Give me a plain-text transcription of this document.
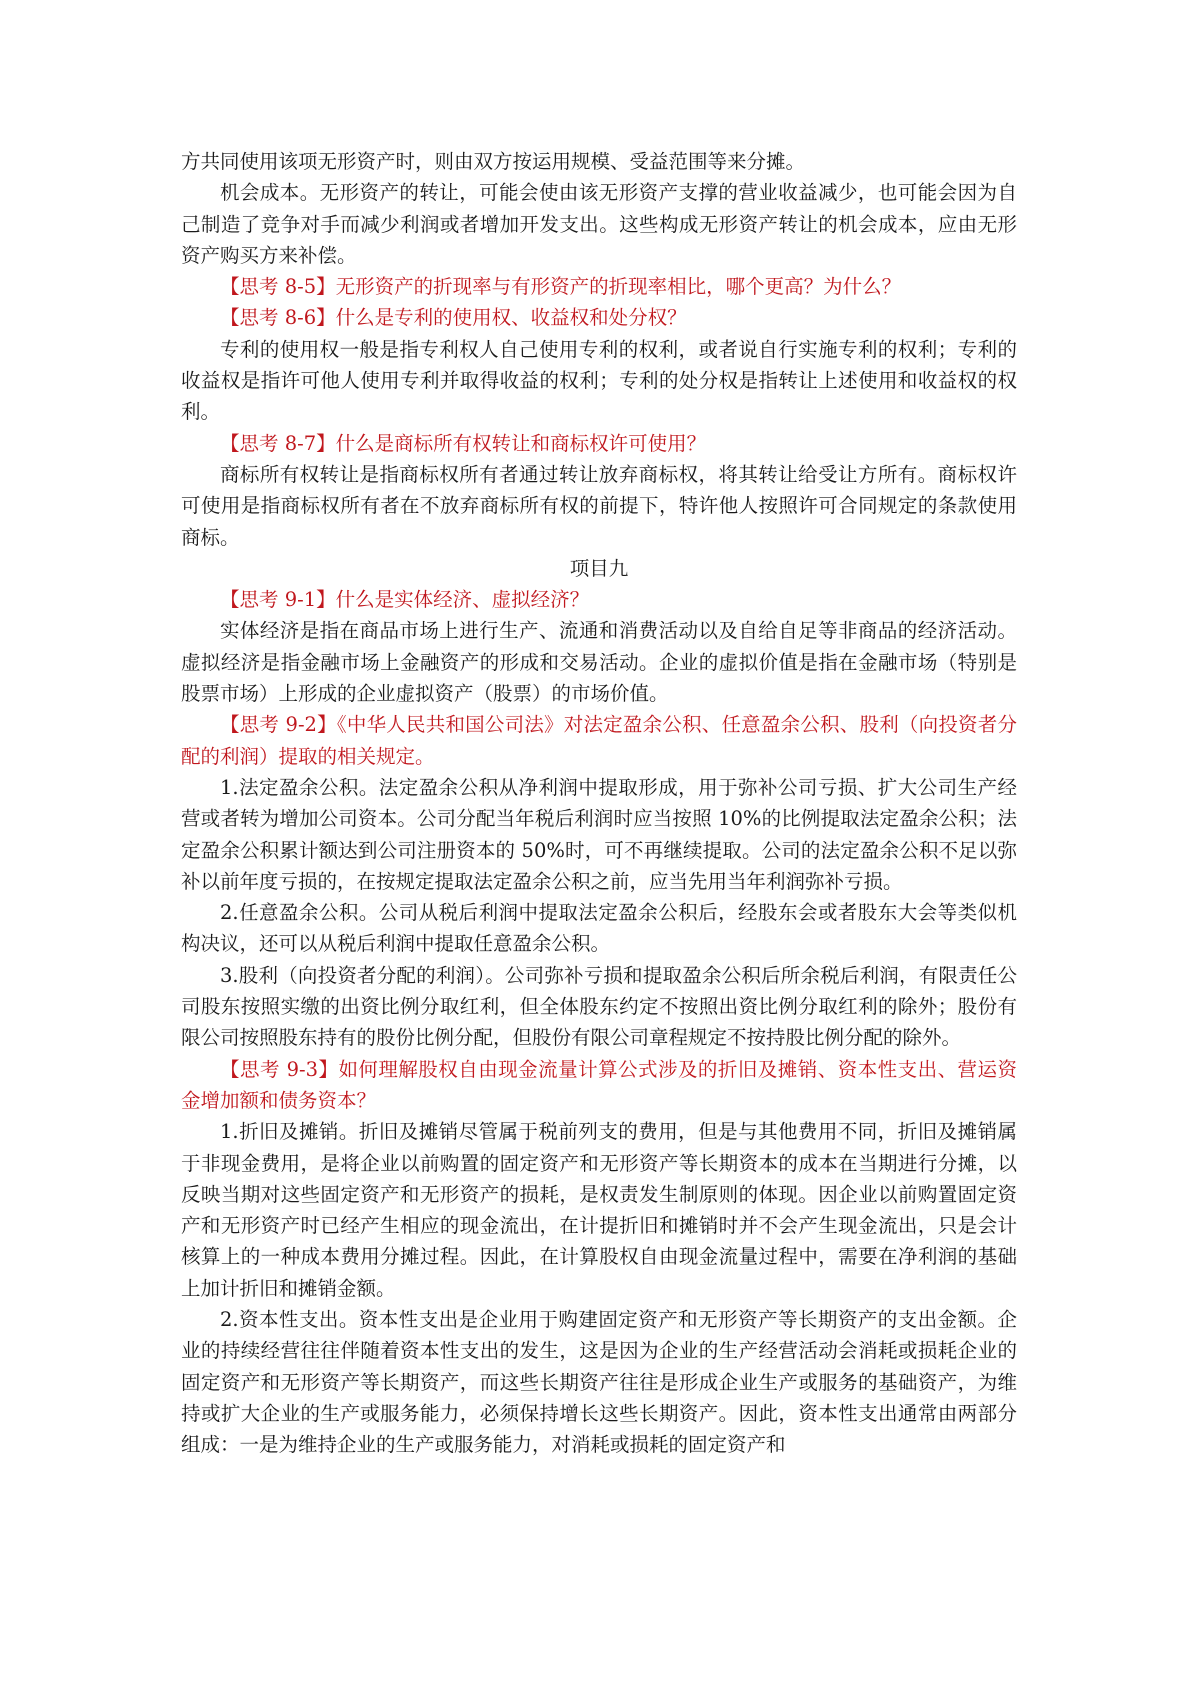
方共同使用该项无形资产时，则由双方按运用规模、受益范围等来分摊。

机会成本。无形资产的转让，可能会使由该无形资产支撑的营业收益减少，也可能会因为自己制造了竞争对手而减少利润或者增加开发支出。这些构成无形资产转让的机会成本，应由无形资产购买方来补偿。

【思考 8-5】无形资产的折现率与有形资产的折现率相比，哪个更高？为什么？

【思考 8-6】什么是专利的使用权、收益权和处分权？

专利的使用权一般是指专利权人自己使用专利的权利，或者说自行实施专利的权利；专利的收益权是指许可他人使用专利并取得收益的权利；专利的处分权是指转让上述使用和收益权的权利。

【思考 8-7】什么是商标所有权转让和商标权许可使用？

商标所有权转让是指商标权所有者通过转让放弃商标权，将其转让给受让方所有。商标权许可使用是指商标权所有者在不放弃商标所有权的前提下，特许他人按照许可合同规定的条款使用商标。

项目九

【思考 9-1】什么是实体经济、虚拟经济？

实体经济是指在商品市场上进行生产、流通和消费活动以及自给自足等非商品的经济活动。虚拟经济是指金融市场上金融资产的形成和交易活动。企业的虚拟价值是指在金融市场（特别是股票市场）上形成的企业虚拟资产（股票）的市场价值。

【思考 9-2】《中华人民共和国公司法》对法定盈余公积、任意盈余公积、股利（向投资者分配的利润）提取的相关规定。

1.法定盈余公积。法定盈余公积从净利润中提取形成，用于弥补公司亏损、扩大公司生产经营或者转为增加公司资本。公司分配当年税后利润时应当按照 10%的比例提取法定盈余公积；法定盈余公积累计额达到公司注册资本的 50%时，可不再继续提取。公司的法定盈余公积不足以弥补以前年度亏损的，在按规定提取法定盈余公积之前，应当先用当年利润弥补亏损。

2.任意盈余公积。公司从税后利润中提取法定盈余公积后，经股东会或者股东大会等类似机构决议，还可以从税后利润中提取任意盈余公积。

3.股利（向投资者分配的利润）。公司弥补亏损和提取盈余公积后所余税后利润，有限责任公司股东按照实缴的出资比例分取红利，但全体股东约定不按照出资比例分取红利的除外；股份有限公司按照股东持有的股份比例分配，但股份有限公司章程规定不按持股比例分配的除外。

【思考 9-3】如何理解股权自由现金流量计算公式涉及的折旧及摊销、资本性支出、营运资金增加额和债务资本？

1.折旧及摊销。折旧及摊销尽管属于税前列支的费用，但是与其他费用不同，折旧及摊销属于非现金费用，是将企业以前购置的固定资产和无形资产等长期资本的成本在当期进行分摊，以反映当期对这些固定资产和无形资产的损耗，是权责发生制原则的体现。因企业以前购置固定资产和无形资产时已经产生相应的现金流出，在计提折旧和摊销时并不会产生现金流出，只是会计核算上的一种成本费用分摊过程。因此，在计算股权自由现金流量过程中，需要在净利润的基础上加计折旧和摊销金额。

2.资本性支出。资本性支出是企业用于购建固定资产和无形资产等长期资产的支出金额。企业的持续经营往往伴随着资本性支出的发生，这是因为企业的生产经营活动会消耗或损耗企业的固定资产和无形资产等长期资产，而这些长期资产往往是形成企业生产或服务的基础资产，为维持或扩大企业的生产或服务能力，必须保持增长这些长期资产。因此，资本性支出通常由两部分组成：一是为维持企业的生产或服务能力，对消耗或损耗的固定资产和
